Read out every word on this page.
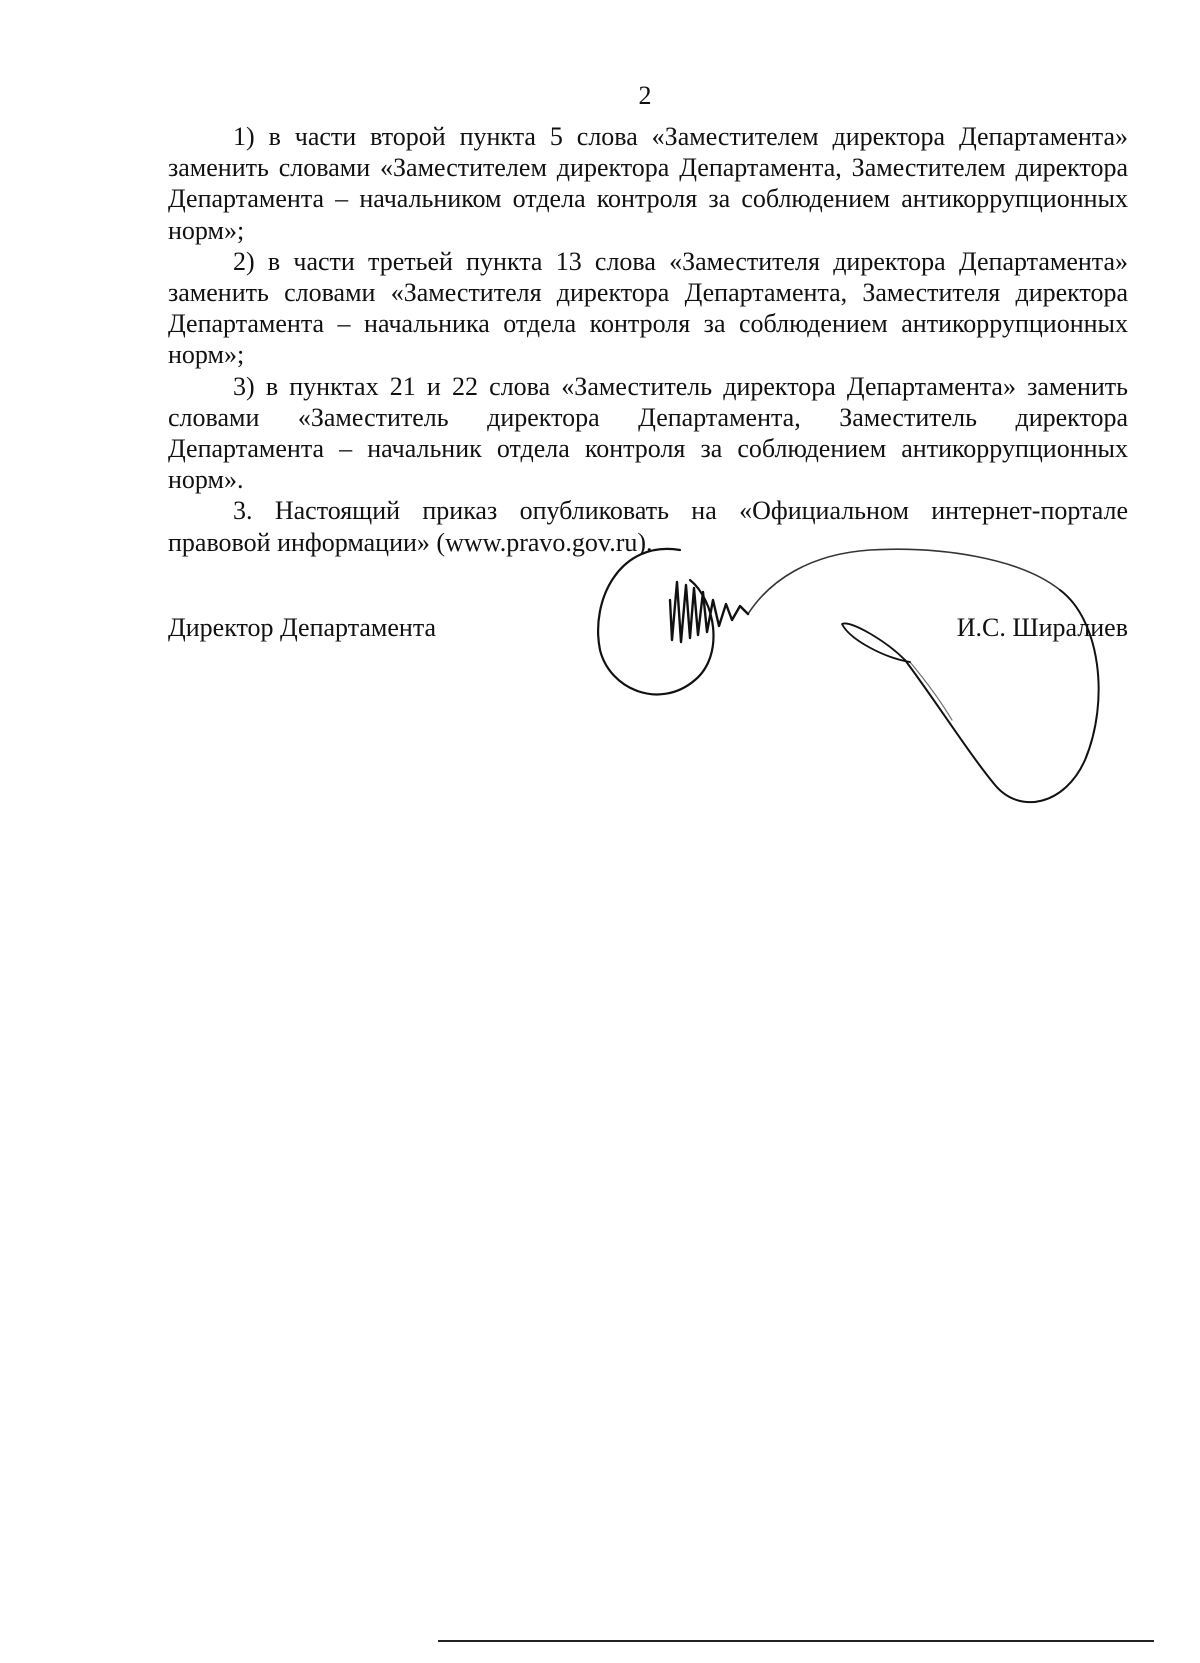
2

1) в части второй пункта 5 слова «Заместителем директора Департамента» заменить словами «Заместителем директора Департамента, Заместителем директора Департамента – начальником отдела контроля за соблюдением антикоррупционных норм»;

2) в части третьей пункта 13 слова «Заместителя директора Департамента» заменить словами «Заместителя директора Департамента, Заместителя директора Департамента – начальника отдела контроля за соблюдением антикоррупционных норм»;

3) в пунктах 21 и 22 слова «Заместитель директора Департамента» заменить словами «Заместитель директора Департамента, Заместитель директора Департамента – начальник отдела контроля за соблюдением антикоррупционных норм».

3. Настоящий приказ опубликовать на «Официальном интернет-портале правовой информации» (www.pravo.gov.ru).

Директор Департамента	И.С. Ширалиев
